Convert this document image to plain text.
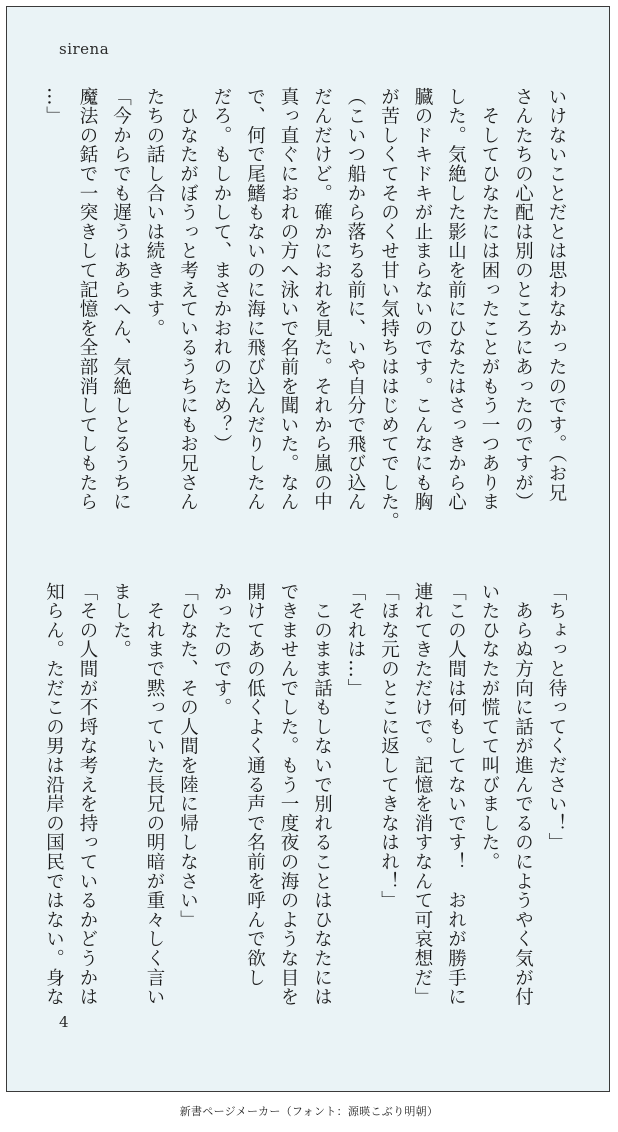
sirena

いけないことだとは思わなかったのです。（お兄

さんたちの心配は別のところにあったのですが）

　そしてひなたには困ったことがもう一つありま

した。気絶した影山を前にひなたはさっきから心

臓のドキドキが止まらないのです。こんなにも胸

が苦しくてそのくせ甘い気持ちははじめてでした。

（こいつ船から落ちる前に、いや自分で飛び込ん

だんだけど。確かにおれを見た。それから嵐の中

真っ直ぐにおれの方へ泳いで名前を聞いた。なん

で、何で尾鰭もないのに海に飛び込んだりしたん

だろ。もしかして、まさかおれのため？）

　ひなたがぼうっと考えているうちにもお兄さん

たちの話し合いは続きます。

「今からでも遅うはあらへん、気絶しとるうちに

魔法の銛で一突きして記憶を全部消してしもたら

…」

「ちょっと待ってください！」

　あらぬ方向に話が進んでるのにようやく気が付

いたひなたが慌てて叫びました。

「この人間は何もしてないです！　おれが勝手に

連れてきただけで。記憶を消すなんて可哀想だ」

「ほな元のとこに返してきなはれ！」

「それは…」

　このまま話もしないで別れることはひなたには

できませんでした。もう一度夜の海のような目を

開けてあの低くよく通る声で名前を呼んで欲し

かったのです。

「ひなた、その人間を陸に帰しなさい」

　それまで黙っていた長兄の明暗が重々しく言い

ました。

「その人間が不埒な考えを持っているかどうかは

知らん。ただこの男は沿岸の国民ではない。身な

4
新書ページメーカー（フォント：源暎こぶり明朝）
